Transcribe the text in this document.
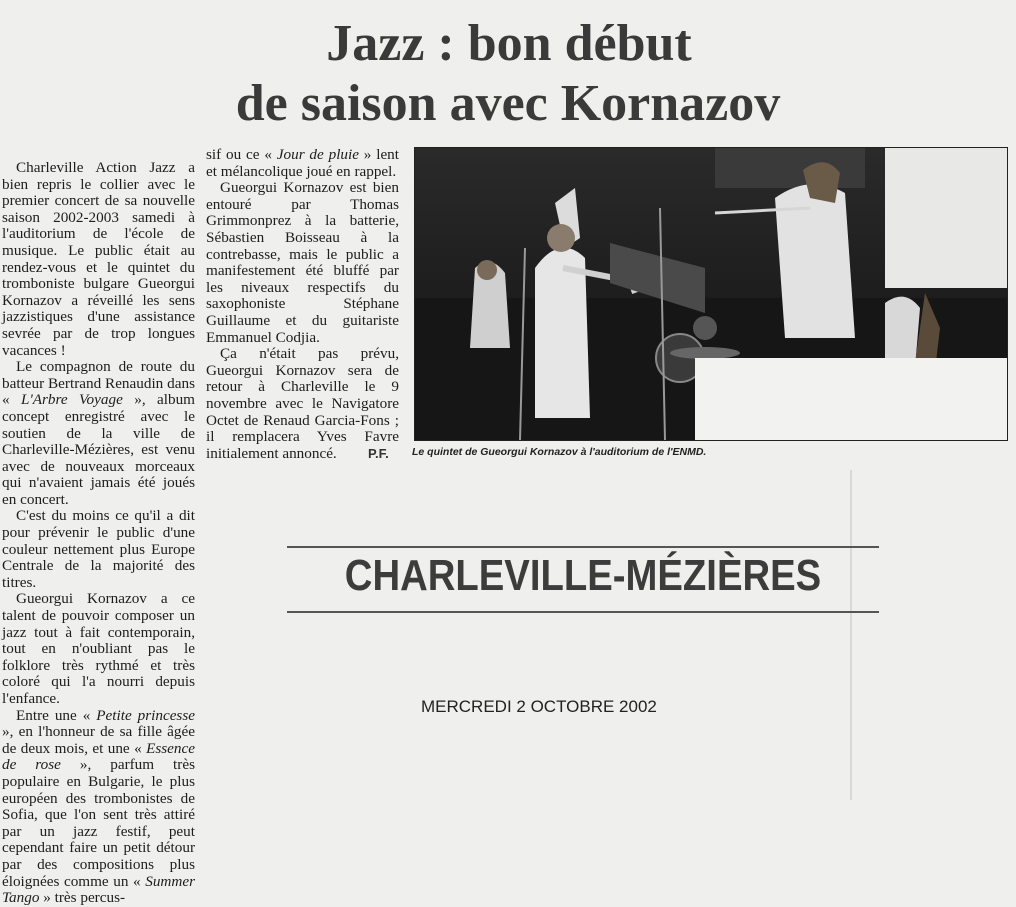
Jazz : bon début
de saison avec Kornazov

Charleville Action Jazz a bien repris le collier avec le premier concert de sa nouvelle saison 2002-2003 samedi à l'auditorium de l'école de musique. Le public était au rendez-vous et le quintet du tromboniste bulgare Gueorgui Kornazov a réveillé les sens jazzistiques d'une assistance sevrée par de trop longues vacances !

Le compagnon de route du batteur Bertrand Renaudin dans « L'Arbre Voyage », album concept enregistré avec le soutien de la ville de Charleville-Mézières, est venu avec de nouveaux morceaux qui n'avaient jamais été joués en concert.

C'est du moins ce qu'il a dit pour prévenir le public d'une couleur nettement plus Europe Centrale de la majorité des titres.

Gueorgui Kornazov a ce talent de pouvoir composer un jazz tout à fait contemporain, tout en n'oubliant pas le folklore très rythmé et très coloré qui l'a nourri depuis l'enfance.

Entre une « Petite princesse », en l'honneur de sa fille âgée de deux mois, et une « Essence de rose », parfum très populaire en Bulgarie, le plus européen des trombonistes de Sofia, que l'on sent très attiré par un jazz festif, peut cependant faire un petit détour par des compositions plus éloignées comme un « Summer Tango » très percus-

sif ou ce « Jour de pluie » lent et mélancolique joué en rappel.

Gueorgui Kornazov est bien entouré par Thomas Grimmonprez à la batterie, Sébastien Boisseau à la contrebasse, mais le public a manifestement été bluffé par les niveaux respectifs du saxophoniste Stéphane Guillaume et du guitariste Emmanuel Codjia.

Ça n'était pas prévu, Gueorgui Kornazov sera de retour à Charleville le 9 novembre avec le Navigatore Octet de Renaud Garcia-Fons ; il remplacera Yves Favre initialement annoncé.	P.F. Le quintet de Gueorgui Kornazov à l'auditorium de l'ENMD.
CHARLEVILLE-MÉZIÈRES
MERCREDI 2 OCTOBRE 2002
